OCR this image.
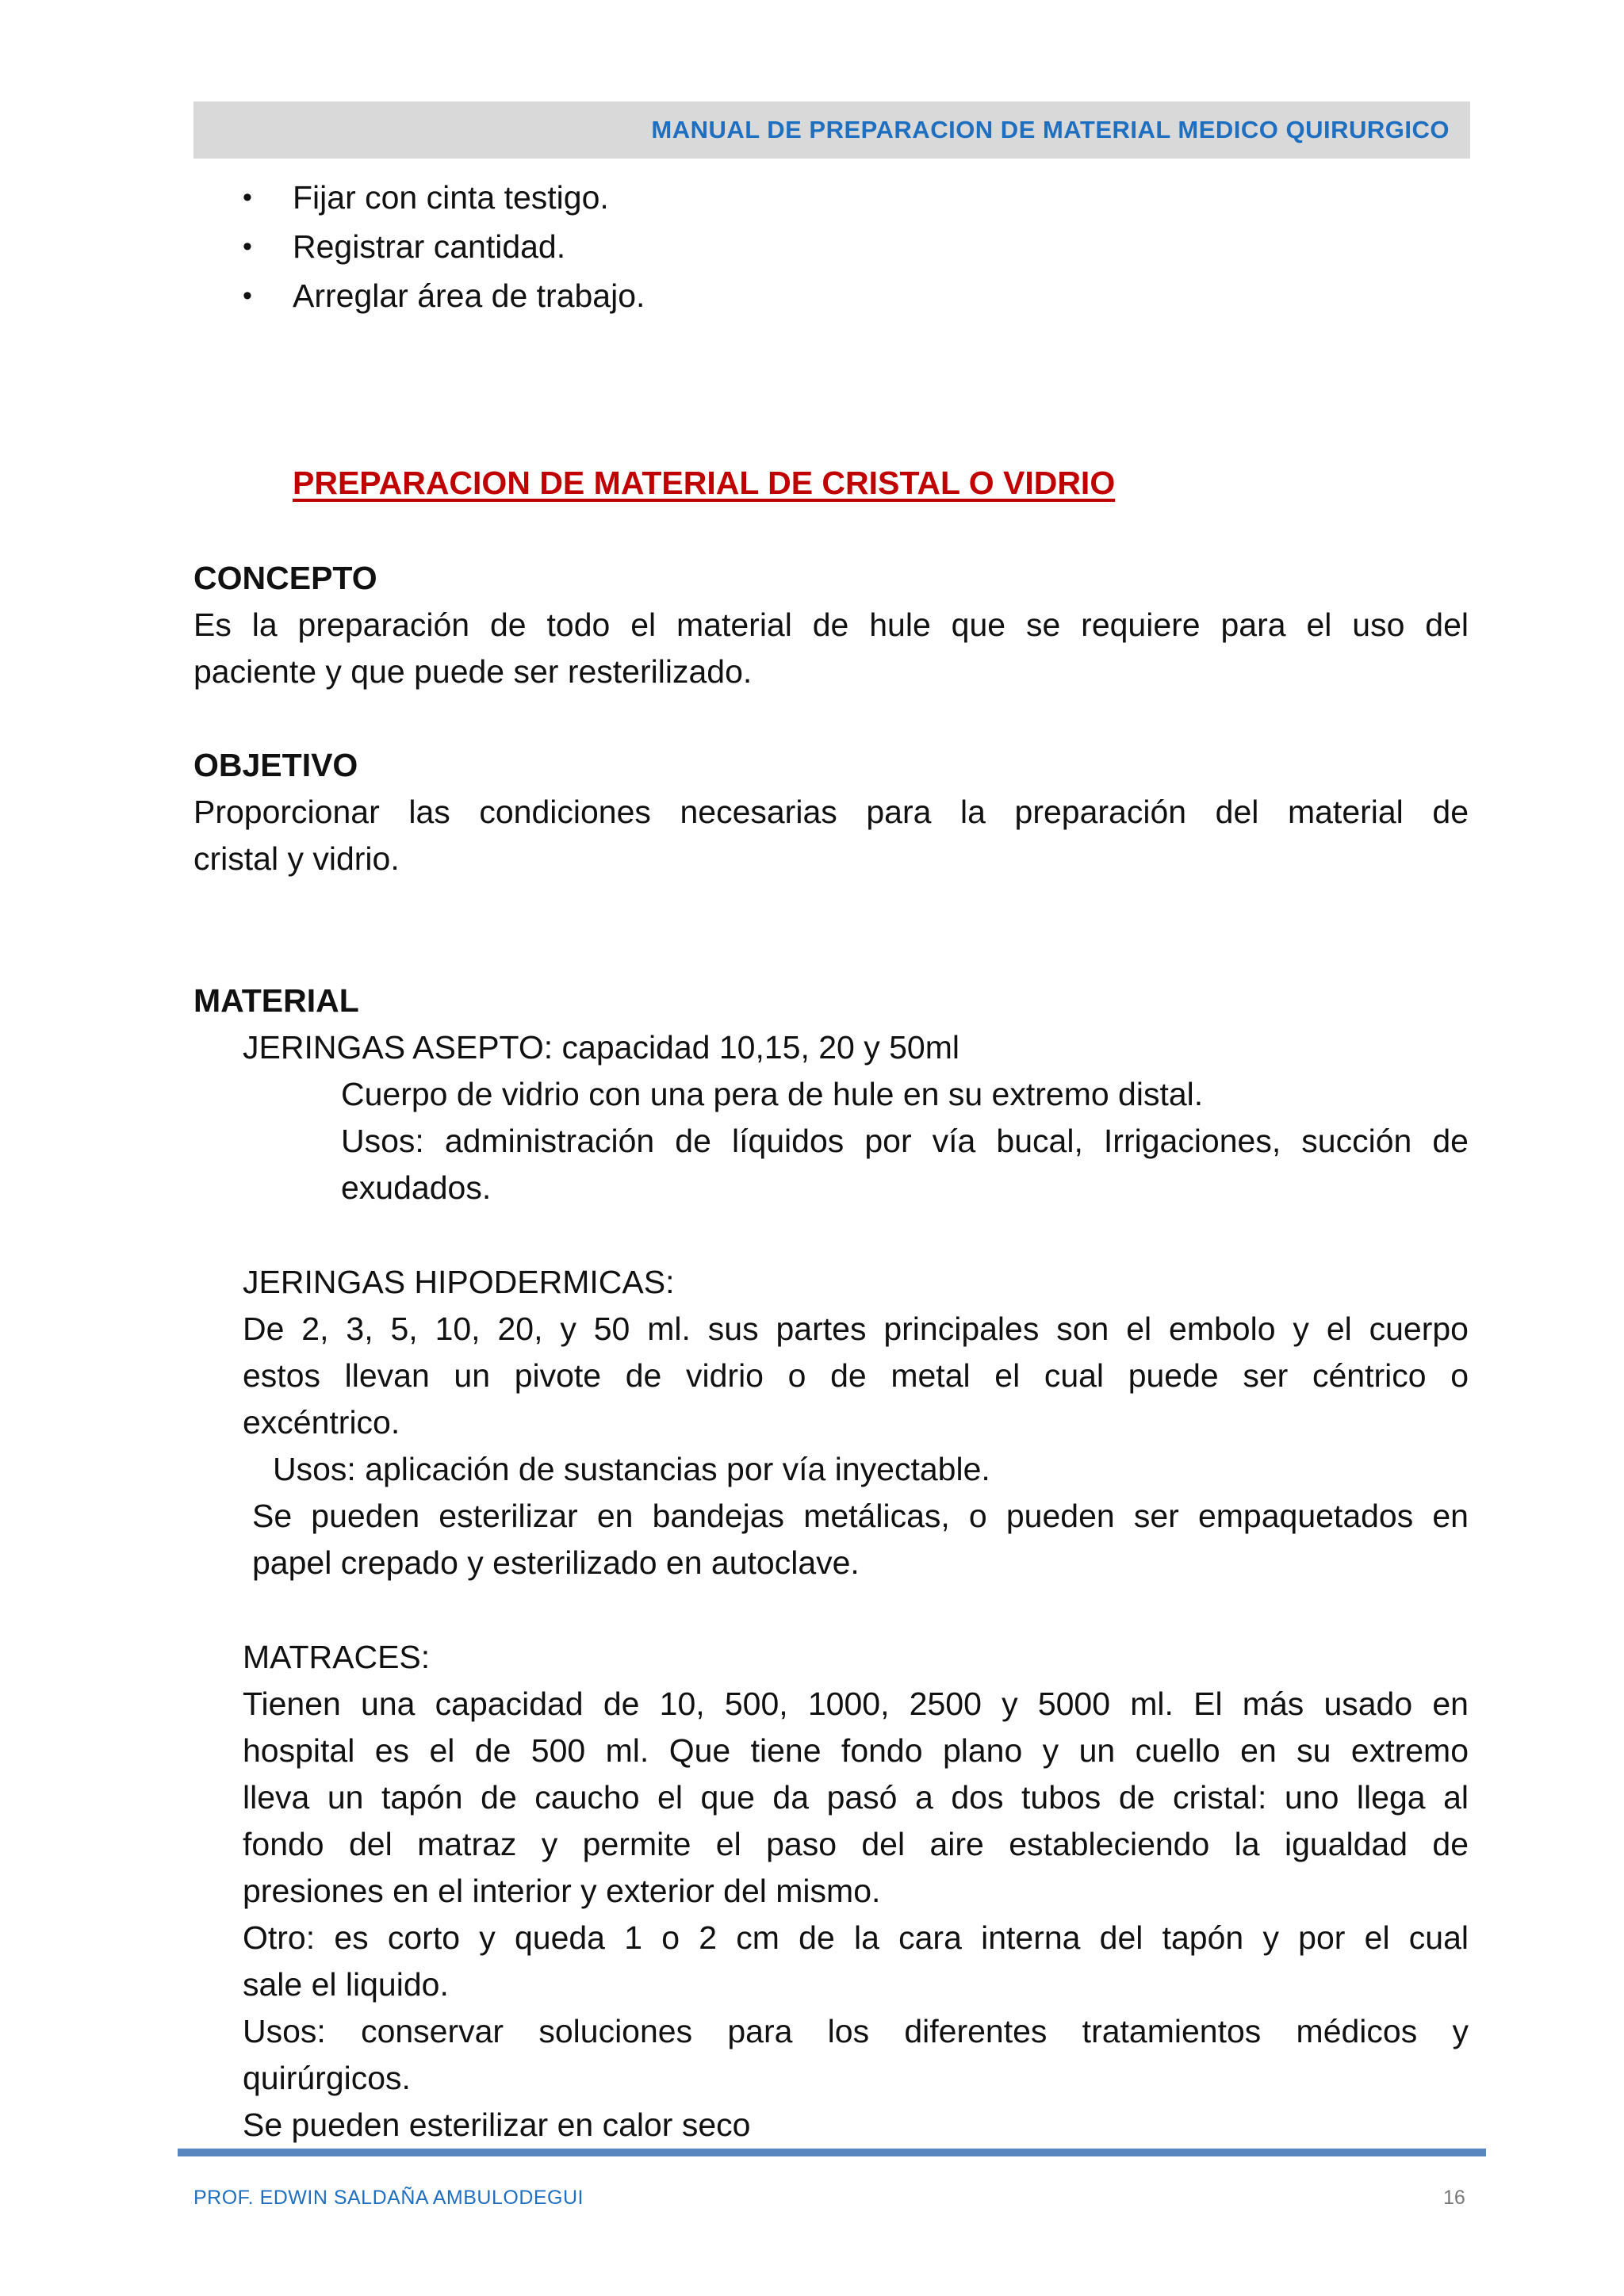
MANUAL DE PREPARACION DE MATERIAL MEDICO QUIRURGICO
• Fijar con cinta testigo.
• Registrar cantidad.
• Arreglar área de trabajo.
PREPARACION DE MATERIAL DE CRISTAL O VIDRIO
CONCEPTO
Es la preparación de todo el material de hule que se requiere para el uso del
paciente y que puede ser resterilizado.
OBJETIVO
Proporcionar las condiciones necesarias para la preparación del material de
cristal y vidrio.
MATERIAL
JERINGAS ASEPTO: capacidad 10,15, 20 y 50ml
Cuerpo de vidrio con una pera de hule en su extremo distal.
Usos: administración de líquidos por vía bucal, Irrigaciones, succión de
exudados.
JERINGAS HIPODERMICAS:
De 2, 3, 5, 10, 20, y 50 ml. sus partes principales son el embolo y el cuerpo
estos llevan un pivote de vidrio o de metal el cual puede ser céntrico o
excéntrico.
Usos: aplicación de sustancias por vía inyectable.
Se pueden esterilizar en bandejas metálicas, o pueden ser empaquetados en
papel crepado y esterilizado en autoclave.
MATRACES:
Tienen una capacidad de 10, 500, 1000, 2500 y 5000 ml. El más usado en
hospital es el de 500 ml. Que tiene fondo plano y un cuello en su extremo
lleva un tapón de caucho el que da pasó a dos tubos de cristal: uno llega al
fondo del matraz y permite el paso del aire estableciendo la igualdad de
presiones en el interior y exterior del mismo.
Otro: es corto y queda 1 o 2 cm de la cara interna del tapón y por el cual
sale el liquido.
Usos: conservar soluciones para los diferentes tratamientos médicos y
quirúrgicos.
Se pueden esterilizar en calor seco
PROF. EDWIN SALDAÑA AMBULODEGUI	16
